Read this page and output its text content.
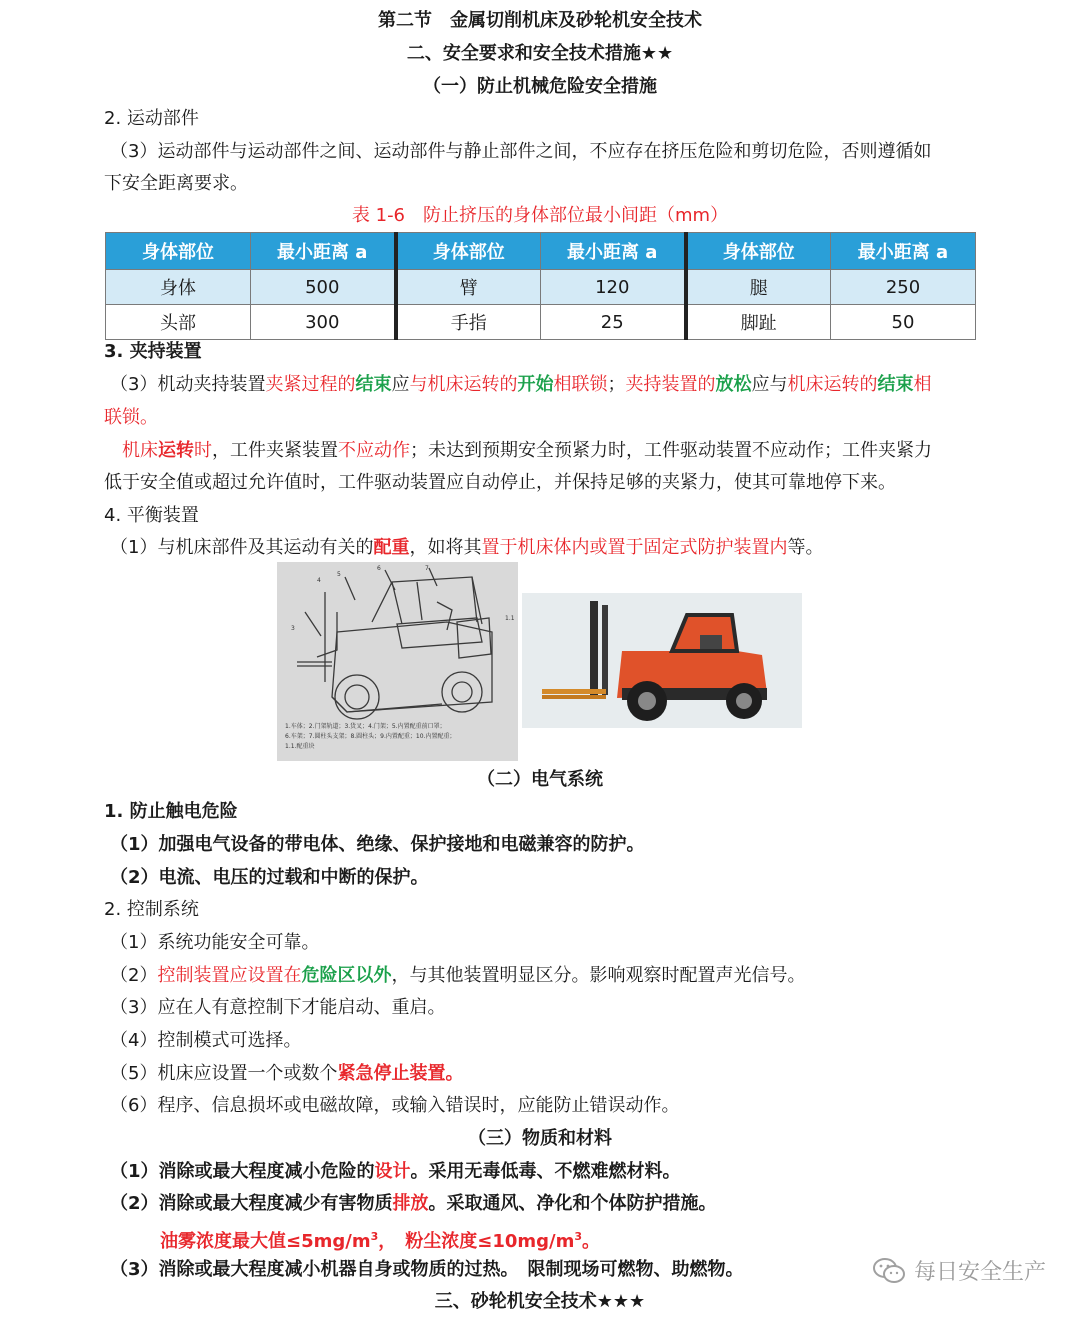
第二节　金属切削机床及砂轮机安全技术
二、安全要求和安全技术措施★★
（一）防止机械危险安全措施
2. 运动部件
（3）运动部件与运动部件之间、运动部件与静止部件之间，不应存在挤压危险和剪切危险，否则遵循如
下安全距离要求。
表 1-6　防止挤压的身体部位最小间距（mm）
身体部位	最小距离 a	身体部位	最小距离 a	身体部位	最小距离 a
身体	500	臂	120	腿	250
头部	300	手指	25	脚趾	50
3. 夹持装置
（3）机动夹持装置夹紧过程的结束应与机床运转的开始相联锁；夹持装置的放松应与机床运转的结束相
联锁。
机床运转时，工件夹紧装置不应动作；未达到预期安全预紧力时，工件驱动装置不应动作；工件夹紧力
低于安全值或超过允许值时，工件驱动装置应自动停止，并保持足够的夹紧力，使其可靠地停下来。
4. 平衡装置
（1）与机床部件及其运动有关的配重，如将其置于机床体内或置于固定式防护装置内等。
3
4
5
6	7
1.1
1.车体；2.门架轨道；3.货叉；4.门架；5.内置配重前口罩；
6.车架；7.圆柱头支架；8.圆柱头；9.内置配重；10.内置配重；
1.1.配重块
（二）电气系统
1. 防止触电危险
（1）加强电气设备的带电体、绝缘、保护接地和电磁兼容的防护。
（2）电流、电压的过载和中断的保护。
2. 控制系统
（1）系统功能安全可靠。
（2）控制装置应设置在危险区以外，与其他装置明显区分。影响观察时配置声光信号。
（3）应在人有意控制下才能启动、重启。
（4）控制模式可选择。
（5）机床应设置一个或数个紧急停止装置。
（6）程序、信息损坏或电磁故障，或输入错误时，应能防止错误动作。
（三）物质和材料
（1）消除或最大程度减小危险的设计。采用无毒低毒、不燃难燃材料。
（2）消除或最大程度减少有害物质排放。采取通风、净化和个体防护措施。
油雾浓度最大值$\le 5mg/m^3$，　粉尘浓度$\le 10mg/m^3$。
（3）消除或最大程度减小机器自身或物质的过热。　限制现场可燃物、助燃物。
三、砂轮机安全技术★★★
每日安全生产
